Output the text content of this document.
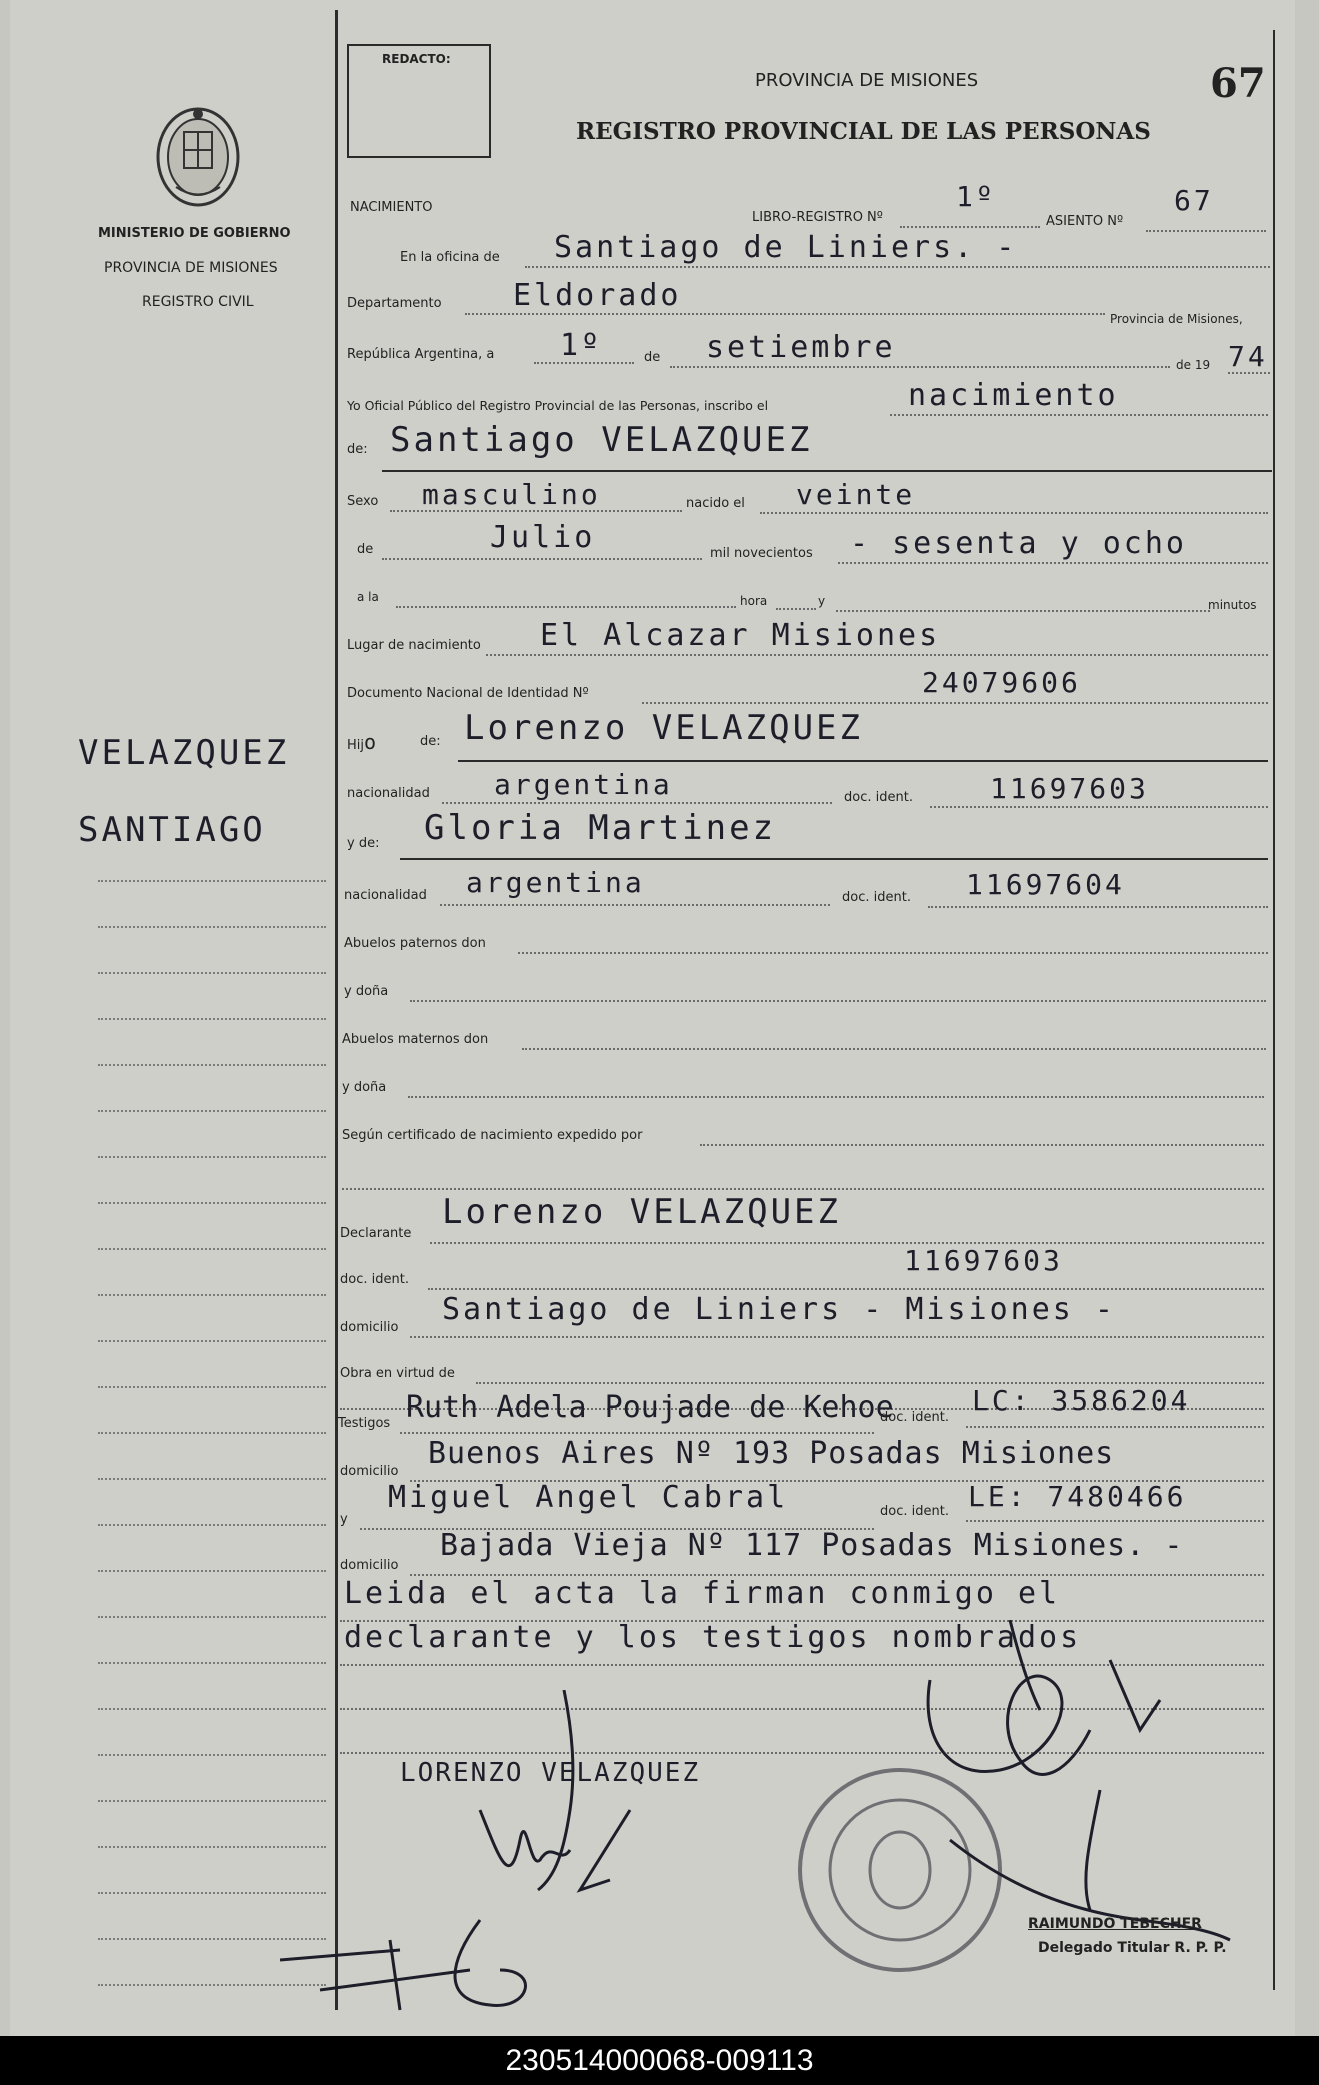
MINISTERIO DE GOBIERNO
PROVINCIA DE MISIONES
REGISTRO CIVIL
VELAZQUEZ
SANTIAGO
REDACTO:
PROVINCIA DE MISIONES
REGISTRO PROVINCIAL DE LAS PERSONAS
67
NACIMIENTO
LIBRO-REGISTRO Nº
1º
ASIENTO Nº
67
En la oficina de Santiago de Liniers. -
Departamento Eldorado
Provincia de Misiones,
República Argentina, a 1º	de setiembre	de 19 74
Yo Oficial Público del Registro Provincial de las Personas, inscribo el	nacimiento
de: Santiago VELAZQUEZ
Sexo masculino	nacido el veinte
de	Julio	mil novecientos - sesenta y ocho
a la	hora	y	minutos
Lugar de nacimiento El Alcazar Misiones
Documento Nacional de Identidad Nº	24079606
Hijo	de: Lorenzo VELAZQUEZ
nacionalidad argentina	doc. ident.	11697603
y de: Gloria Martinez
nacionalidad argentina	doc. ident. 11697604
Abuelos paternos don
y doña
Abuelos maternos don
y doña
Según certificado de nacimiento expedido por
Declarante
Lorenzo VELAZQUEZ
doc. ident.
11697603
domicilio
Santiago de Liniers - Misiones -
Obra en virtud de
Testigos Ruth Adela Poujade de Kehoe
doc. ident.
LC: 3586204
domicilio
Buenos Aires Nº 193 Posadas Misiones
y
Miguel Angel Cabral	doc. ident. LE: 7480466
domicilio
Bajada Vieja Nº 117 Posadas Misiones. -
Leida el acta la firman conmigo el
declarante y los testigos nombrados
LORENZO VELAZQUEZ
RAIMUNDO TEBECHER
Delegado Titular R. P. P.
230514000068-009113
